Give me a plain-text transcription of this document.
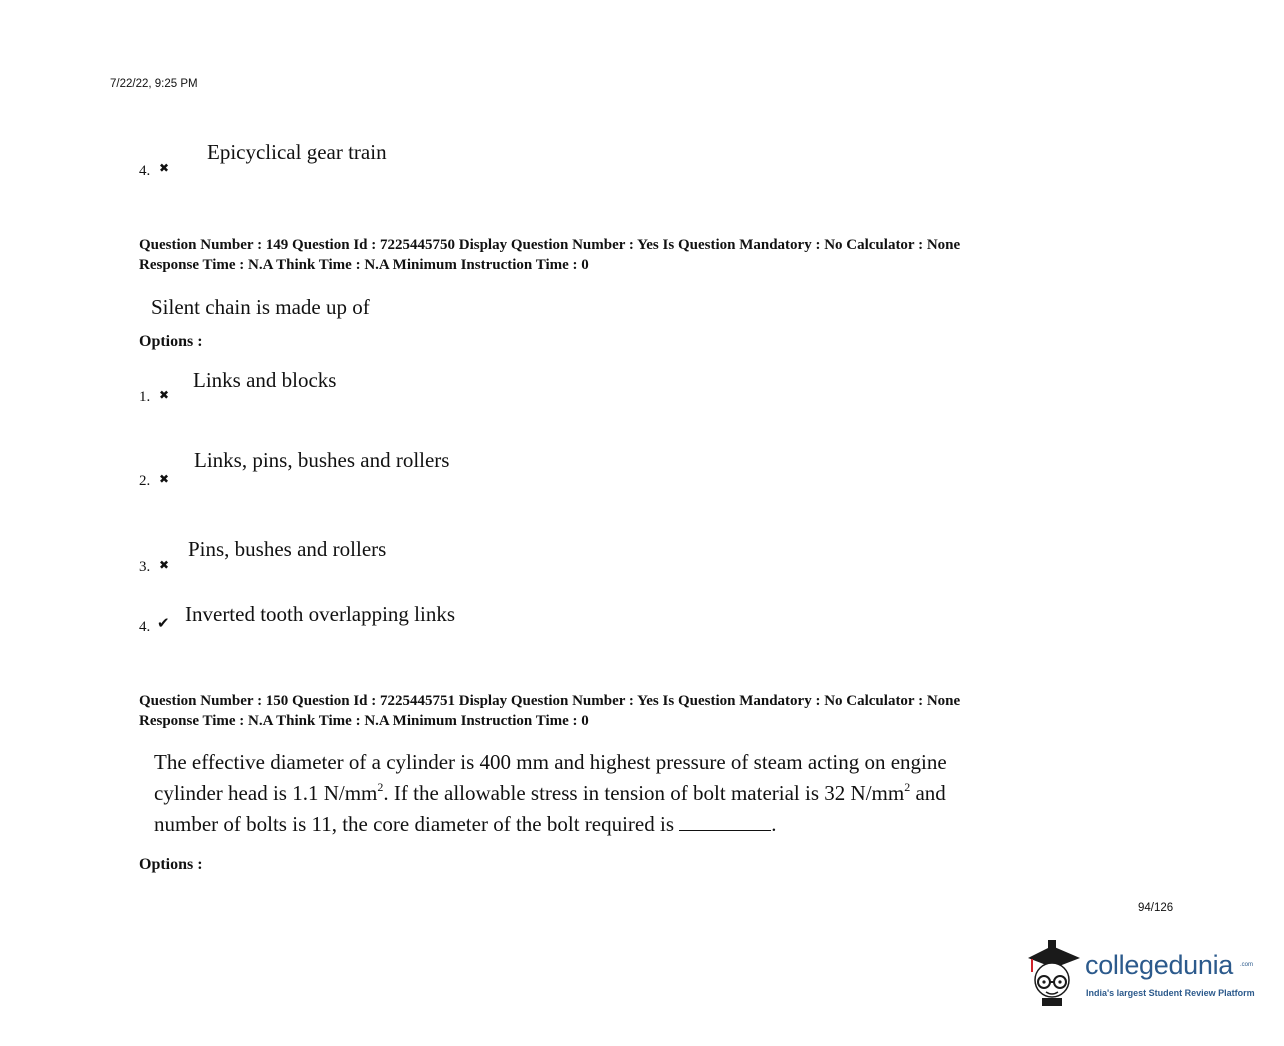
7/22/22, 9:25 PM
Epicyclical gear train
4. ✖
Question Number : 149 Question Id : 7225445750 Display Question Number : Yes Is Question Mandatory : No Calculator : None
Response Time : N.A Think Time : N.A Minimum Instruction Time : 0
Silent chain is made up of
Options :
Links and blocks
1. ✖
Links, pins, bushes and rollers
2. ✖
Pins, bushes and rollers
3. ✖
Inverted tooth overlapping links
4. ✔
Question Number : 150 Question Id : 7225445751 Display Question Number : Yes Is Question Mandatory : No Calculator : None
Response Time : N.A Think Time : N.A Minimum Instruction Time : 0
The effective diameter of a cylinder is 400 mm and highest pressure of steam acting on engine
cylinder head is 1.1 $N/mm^2$. If the allowable stress in tension of bolt material is 32 $N/mm^2$ and
number of bolts is 11, the core diameter of the bolt required is	.
Options :
94/126
collegedunia .com
India's largest Student Review Platform
